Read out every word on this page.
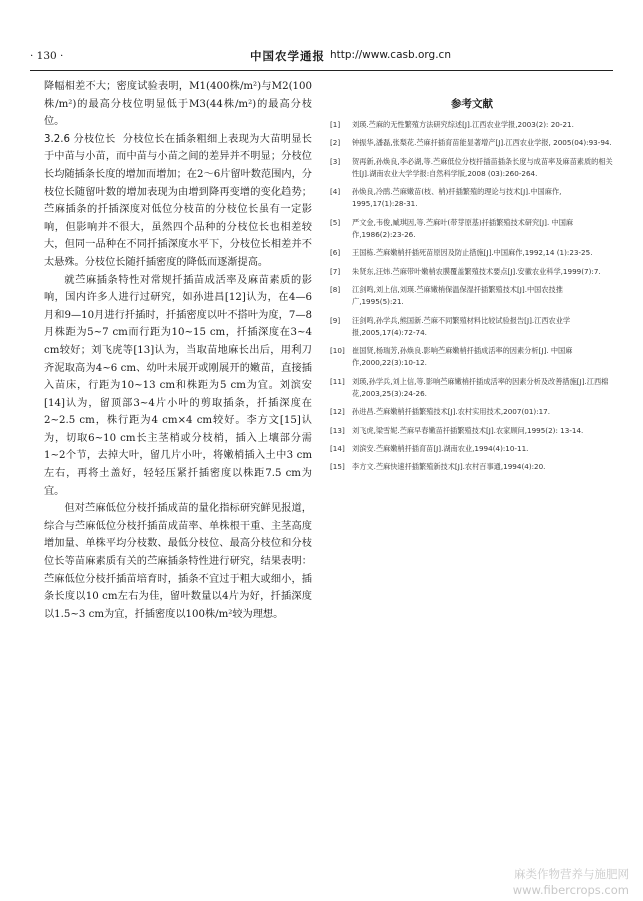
· 130 ·	中国农学通报 http://www.casb.org.cn

降幅相差不大；密度试验表明，M1(400株/m²)与M2(100株/m²)的最高分枝位明显低于M3(44株/m²)的最高分枝位。

3.2.6 分枝位长 分枝位长在插条粗细上表现为大苗明显长于中苗与小苗，而中苗与小苗之间的差异并不明显；分枝位长均随插条长度的增加而增加；在2～6片留叶数范围内，分枝位长随留叶数的增加表现为由增到降再变增的变化趋势；苎麻插条的扦插深度对低位分枝苗的分枝位长虽有一定影响，但影响并不很大，虽然四个品种的分枝位长也相差较大，但同一品种在不同扦插深度水平下，分枝位长相差并不太悬殊。分枝位长随扦插密度的降低而逐渐提高。

就苎麻插条特性对常规扦插苗成活率及麻苗素质的影响，国内许多人进行过研究，如孙进昌[12]认为，在4—6月和9—10月进行扦插时，扦插密度以叶不搭叶为度，7—8月株距为5~7 cm而行距为10~15 cm，扦插深度在3~4 cm较好；刘飞虎等[13]认为，当取苗地麻长出后，用利刀齐泥取高为4~6 cm、幼叶未展开或刚展开的嫩苗，直接插入苗床，行距为10~13 cm和株距为5 cm为宜。刘滨安[14]认为，留顶部3~4片小叶的剪取插条，扦插深度在2~2.5 cm，株行距为4 cm×4 cm较好。李方文[15]认为，切取6~10 cm长主茎梢或分枝梢，插入上壤部分需1~2个节，去掉大叶，留几片小叶，将嫩梢插入土中3 cm左右，再将土盖好，轻轻压紧扦插密度以株距7.5 cm为宜。

但对苎麻低位分枝扦插成苗的量化指标研究鲜见报道，综合与苎麻低位分枝扦插苗成苗率、单株根干重、主茎高度增加量、单株平均分枝数、最低分枝位、最高分枝位和分枝位长等苗麻素质有关的苎麻插条特性进行研究，结果表明：苎麻低位分枝扦插苗培育时，插条不宜过于粗大或细小，插条长度以10 cm左右为佳，留叶数量以4片为好，扦插深度以1.5~3 cm为宜，扦插密度以100株/m²较为理想。

参考文献
[1]	刘瑛.苎麻的无性繁殖方法研究综述[J].江西农业学报,2003(2): 20-21.
[2]	钟振华,潘磊,张梨花.苎麻扦插育苗能显著增产[J].江西农业学报, 2005(04):93-94.
[3]	贺再新,孙焕良,李必湖,等.苎麻低位分枝扦插苗插条长度与成苗率及麻苗素质的相关性[J].湖南农业大学学报:自然科学版,2008 (03):260-264.
[4]	孙焕良,冷鹃.苎麻嫩苗(枝、梢)扦插繁殖的理论与技术[J].中国麻作, 1995,17(1):28-31.
[5]	严文金,韦俊,臧琪因,等.苎麻叶(带芽原基)扦插繁殖技术研究[J]. 中国麻作,1986(2):23-26.
[6]	王国栋.苎麻嫩梢扦插死苗原因及防止措施[J].中国麻作,1992,14 (1):23-25.
[7]	朱贤东,汪炜.苎麻带叶嫩梢农膜覆盖繁殖技术要点[J].安徽农业科学,1999(7):7.
[8]	江剑鸣,刘上信,刘瑛.苎麻嫩梢保温保湿扦插繁殖技术[J].中国农技推广,1995(5):21.
[9]	汪剑鸣,孙学兵,熊国新.苎麻不同繁殖材料比较试验报告[J].江西农业学报,2005,17(4):72-74.
[10]	崔国贤,杨瑞芳,孙焕良.影响苎麻嫩梢扦插成活率的因素分析[J]. 中国麻作,2000,22(3):10-12.
[11]	刘瑛,孙学兵,刘上信,等.影响苎麻嫩梢扦插成活率的因素分析及改善措施[J].江西棉花,2003,25(3):24-26.
[12]	孙进昌.苎麻嫩梢扦插繁殖技术[J].农村实用技术,2007(01):17.
[13]	刘飞虎,梁雪妮.苎麻早春嫩苗扦插繁殖技术[J].农家顾问,1995(2): 13-14.
[14]	刘滨安.苎麻嫩梢扦插育苗[J].湖南农业,1994(4):10-11.
[15]	李方文.苎麻快速扦插繁殖新技术[J].农村百事通,1994(4):20.
麻类作物营养与施肥网
www.fibercrops.com
